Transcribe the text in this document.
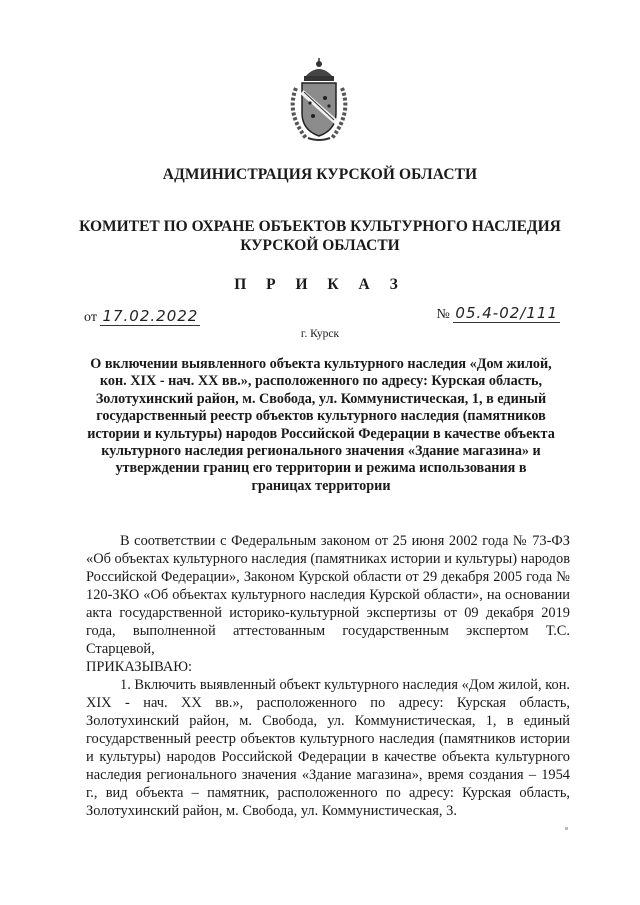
АДМИНИСТРАЦИЯ КУРСКОЙ ОБЛАСТИ
КОМИТЕТ ПО ОХРАНЕ ОБЪЕКТОВ КУЛЬТУРНОГО НАСЛЕДИЯ КУРСКОЙ ОБЛАСТИ
П Р И К А З
от 17.02.2022	№ 05.4-02/111
г. Курск
О включении выявленного объекта культурного наследия «Дом жилой, кон. XIX - нач. XX вв.», расположенного по адресу: Курская область, Золотухинский район, м. Свобода, ул. Коммунистическая, 1, в единый государственный реестр объектов культурного наследия (памятников истории и культуры) народов Российской Федерации в качестве объекта культурного наследия регионального значения «Здание магазина» и утверждении границ его территории и режима использования в границах территории

В соответствии с Федеральным законом от 25 июня 2002 года № 73-ФЗ «Об объектах культурного наследия (памятниках истории и культуры) народов Российской Федерации», Законом Курской области от 29 декабря 2005 года № 120-ЗКО «Об объектах культурного наследия Курской области», на основании акта государственной историко-культурной экспертизы от 09 декабря 2019 года, выполненной аттестованным государственным экспертом Т.С. Старцевой,

ПРИКАЗЫВАЮ:

1. Включить выявленный объект культурного наследия «Дом жилой, кон. XIX - нач. XX вв.», расположенного по адресу: Курская область, Золотухинский район, м. Свобода, ул. Коммунистическая, 1, в единый государственный реестр объектов культурного наследия (памятников истории и культуры) народов Российской Федерации в качестве объекта культурного наследия регионального значения «Здание магазина», время создания – 1954 г., вид объекта – памятник, расположенного по адресу: Курская область, Золотухинский район, м. Свобода, ул. Коммунистическая, 3.
